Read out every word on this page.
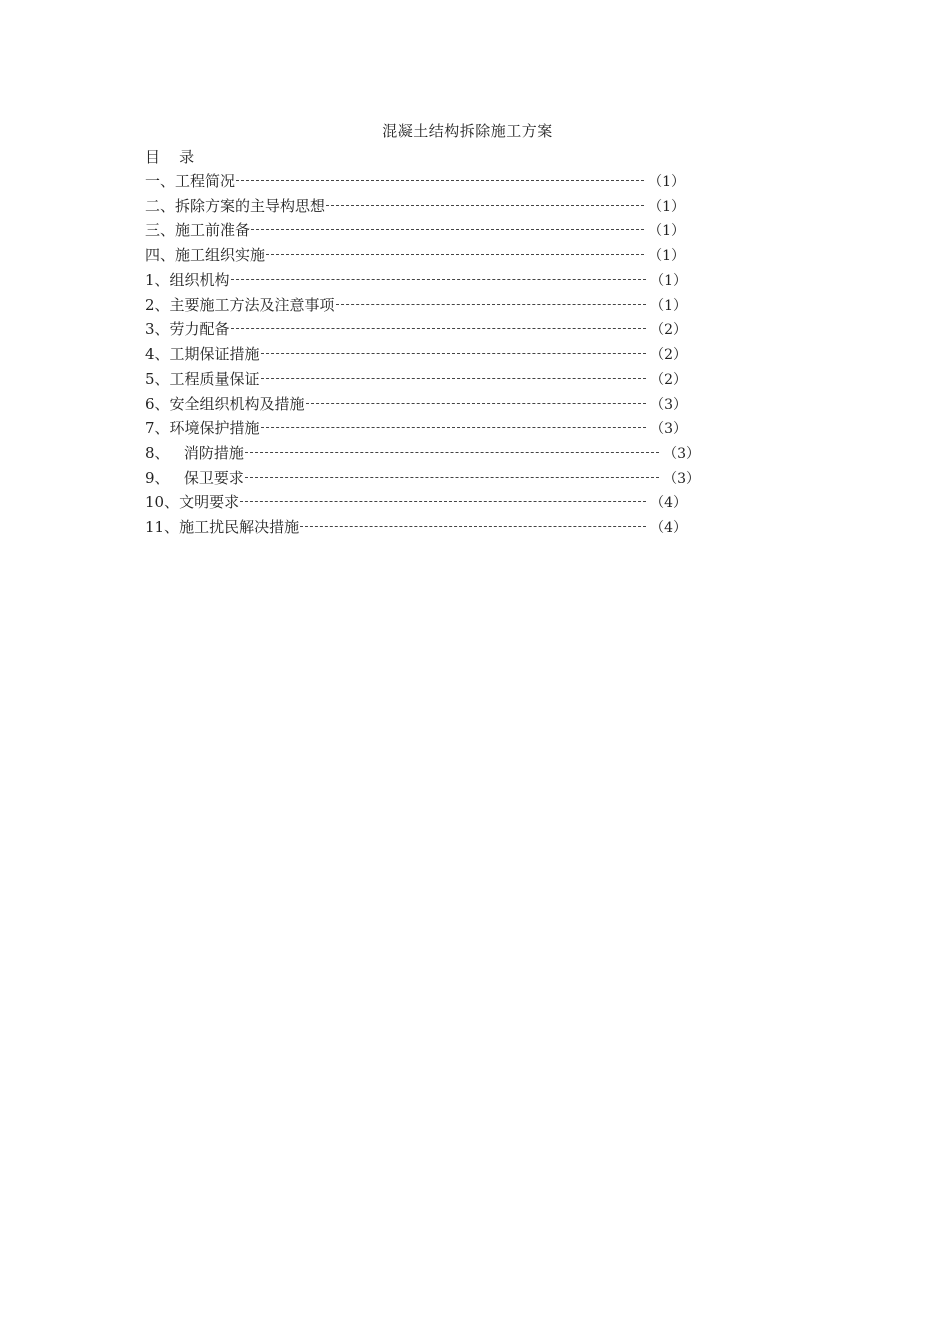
混凝土结构拆除施工方案
目    录
一、 工程简况	（1）
二、 拆除方案的主导构思想	（1）
三、 施工前准备	（1）
四、 施工组织实施	（1）
1、 组织机构	（1）
2、 主要施工方法及注意事项	（1）
3、 劳力配备	（2）
4、 工期保证措施	（2）
5、 工程质量保证	（2）
6、 安全组织机构及措施	（3）
7、 环境保护措施	（3）
8、 消防措施	（3）
9、 保卫要求	（3）
10、 文明要求	（4）
11、 施工扰民解决措施	（4）
